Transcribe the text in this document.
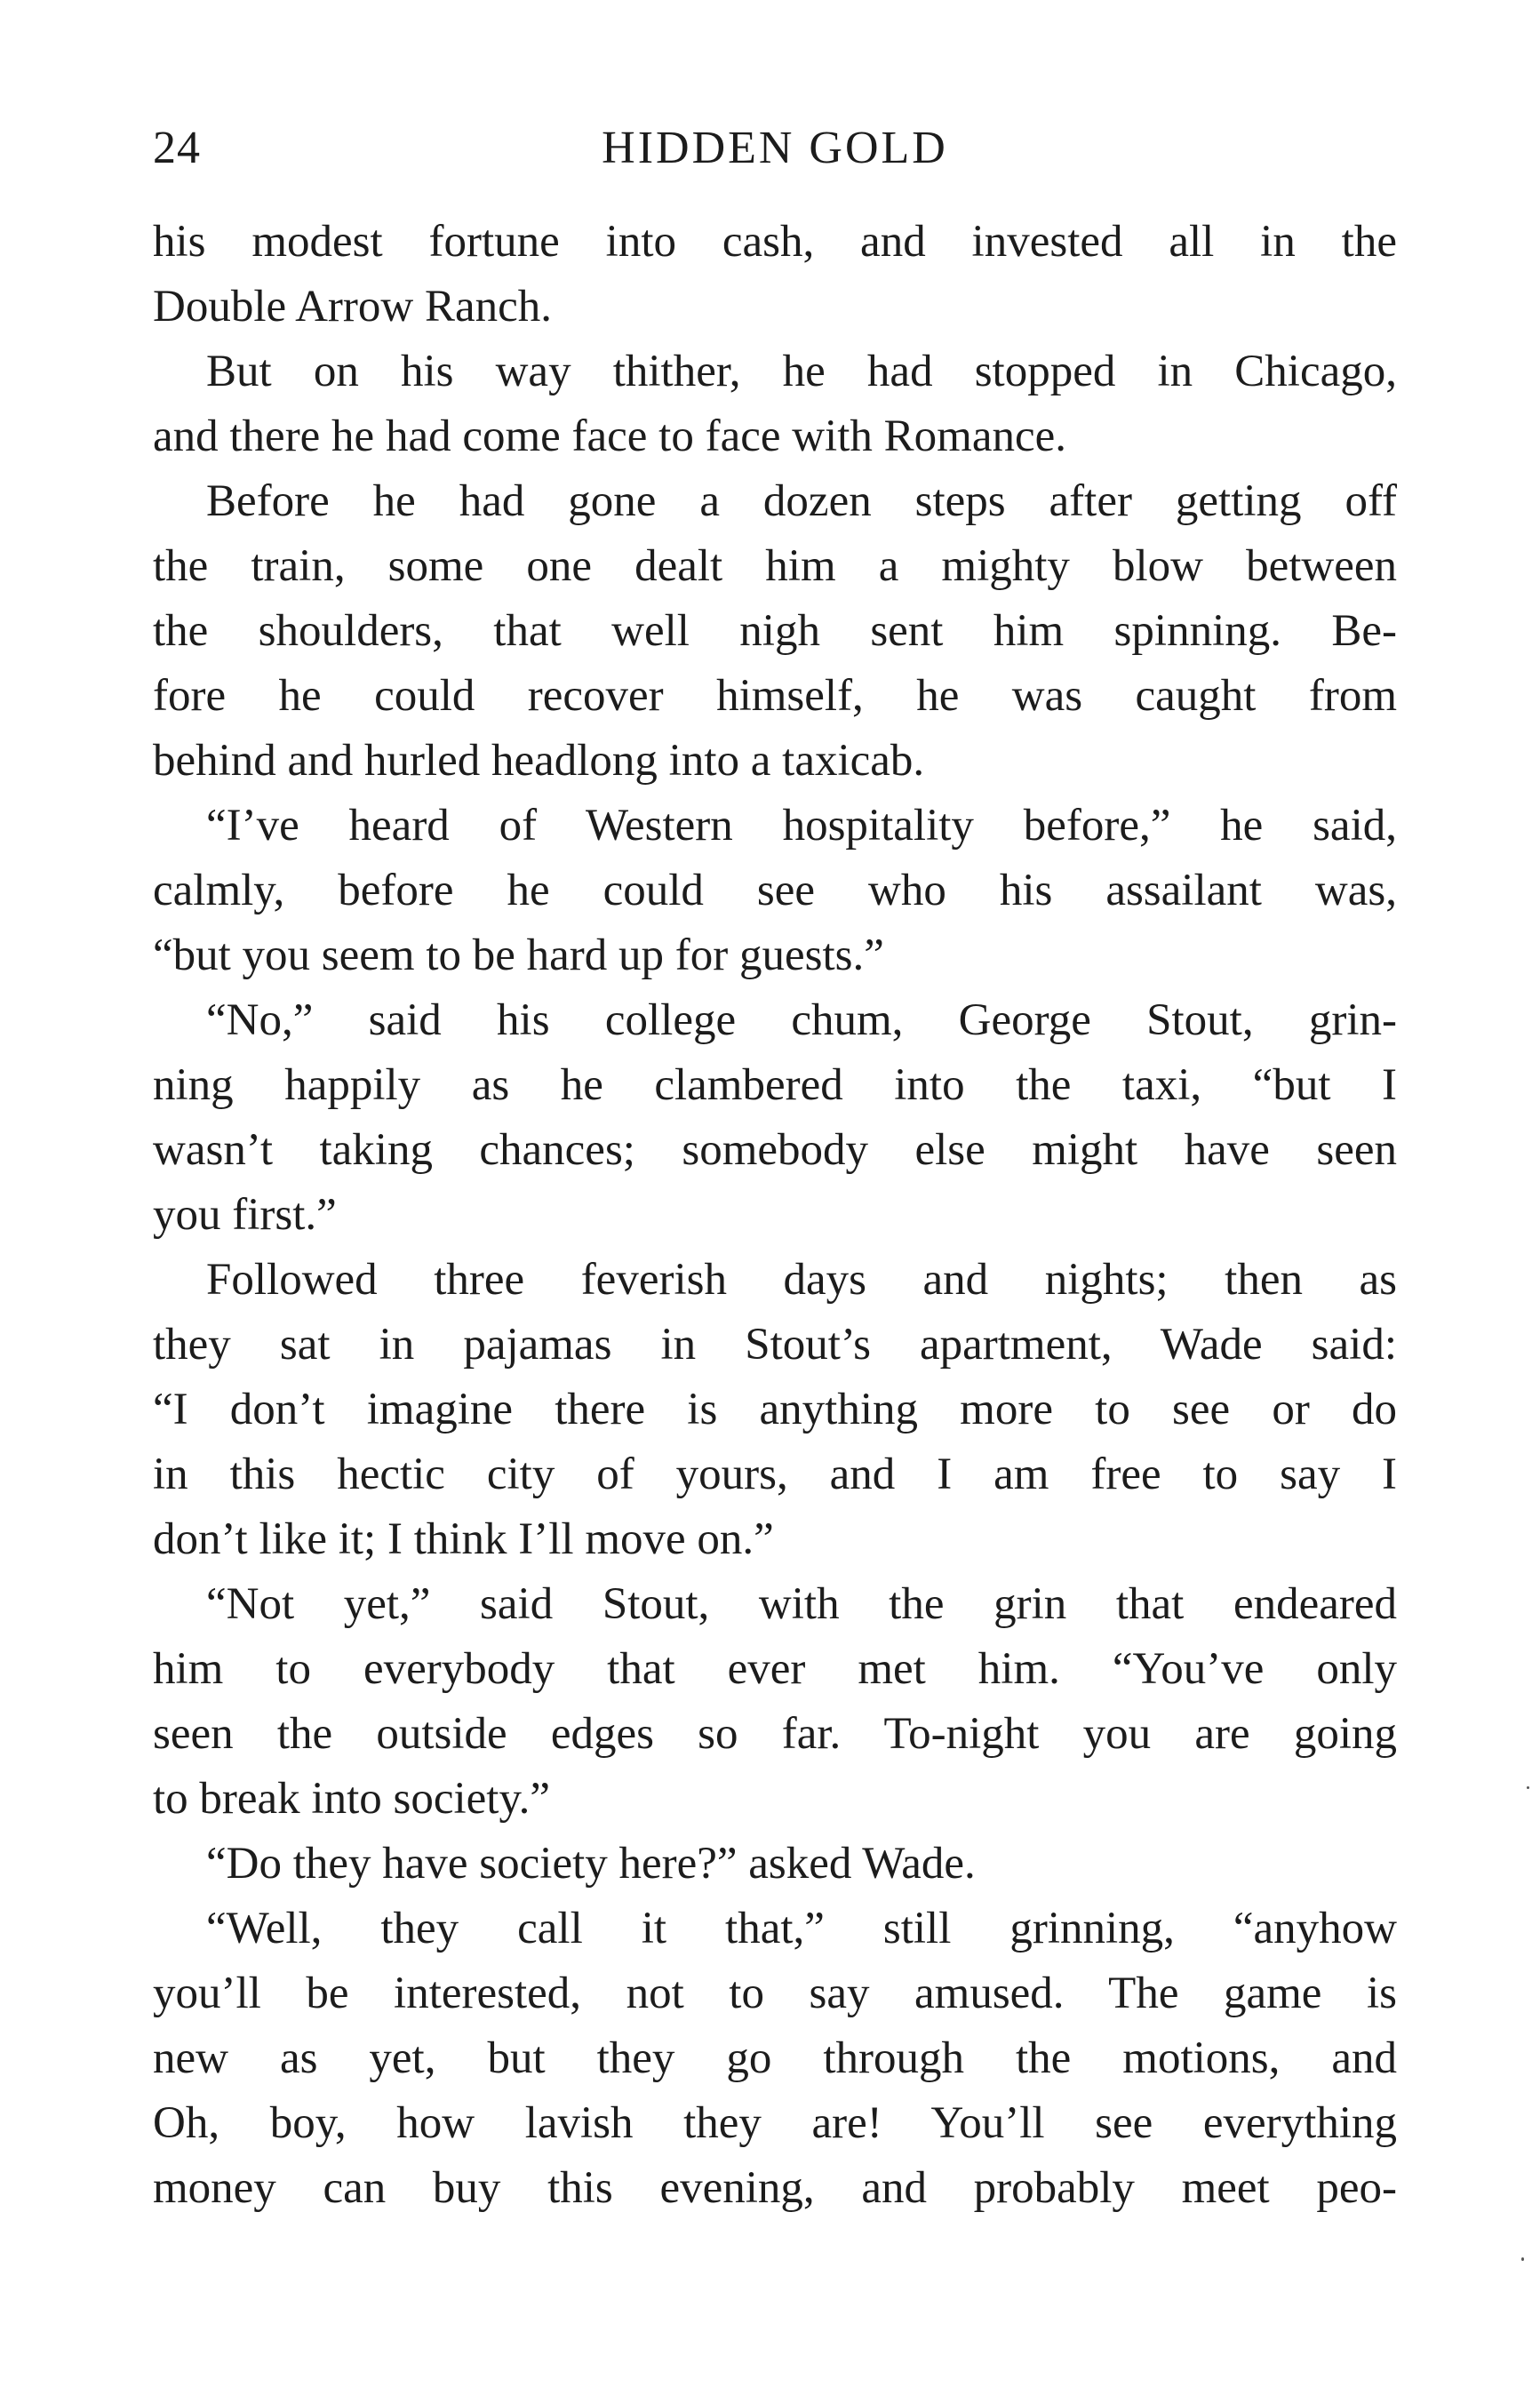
24	HIDDEN GOLD
his modest fortune into cash, and invested all in the
Double Arrow Ranch.
But on his way thither, he had stopped in Chicago,
and there he had come face to face with Romance.
Before he had gone a dozen steps after getting off
the train, some one dealt him a mighty blow between
the shoulders, that well nigh sent him spinning. Be-
fore he could recover himself, he was caught from
behind and hurled headlong into a taxicab.
“I’ve heard of Western hospitality before,” he said,
calmly, before he could see who his assailant was,
“but you seem to be hard up for guests.”
“No,” said his college chum, George Stout, grin-
ning happily as he clambered into the taxi, “but I
wasn’t taking chances; somebody else might have seen
you first.”
Followed three feverish days and nights; then as
they sat in pajamas in Stout’s apartment, Wade said:
“I don’t imagine there is anything more to see or do
in this hectic city of yours, and I am free to say I
don’t like it; I think I’ll move on.”
“Not yet,” said Stout, with the grin that endeared
him to everybody that ever met him. “You’ve only
seen the outside edges so far. To-night you are going
to break into society.”
“Do they have society here?” asked Wade.
“Well, they call it that,” still grinning, “anyhow
you’ll be interested, not to say amused. The game is
new as yet, but they go through the motions, and
Oh, boy, how lavish they are! You’ll see everything
money can buy this evening, and probably meet peo-
